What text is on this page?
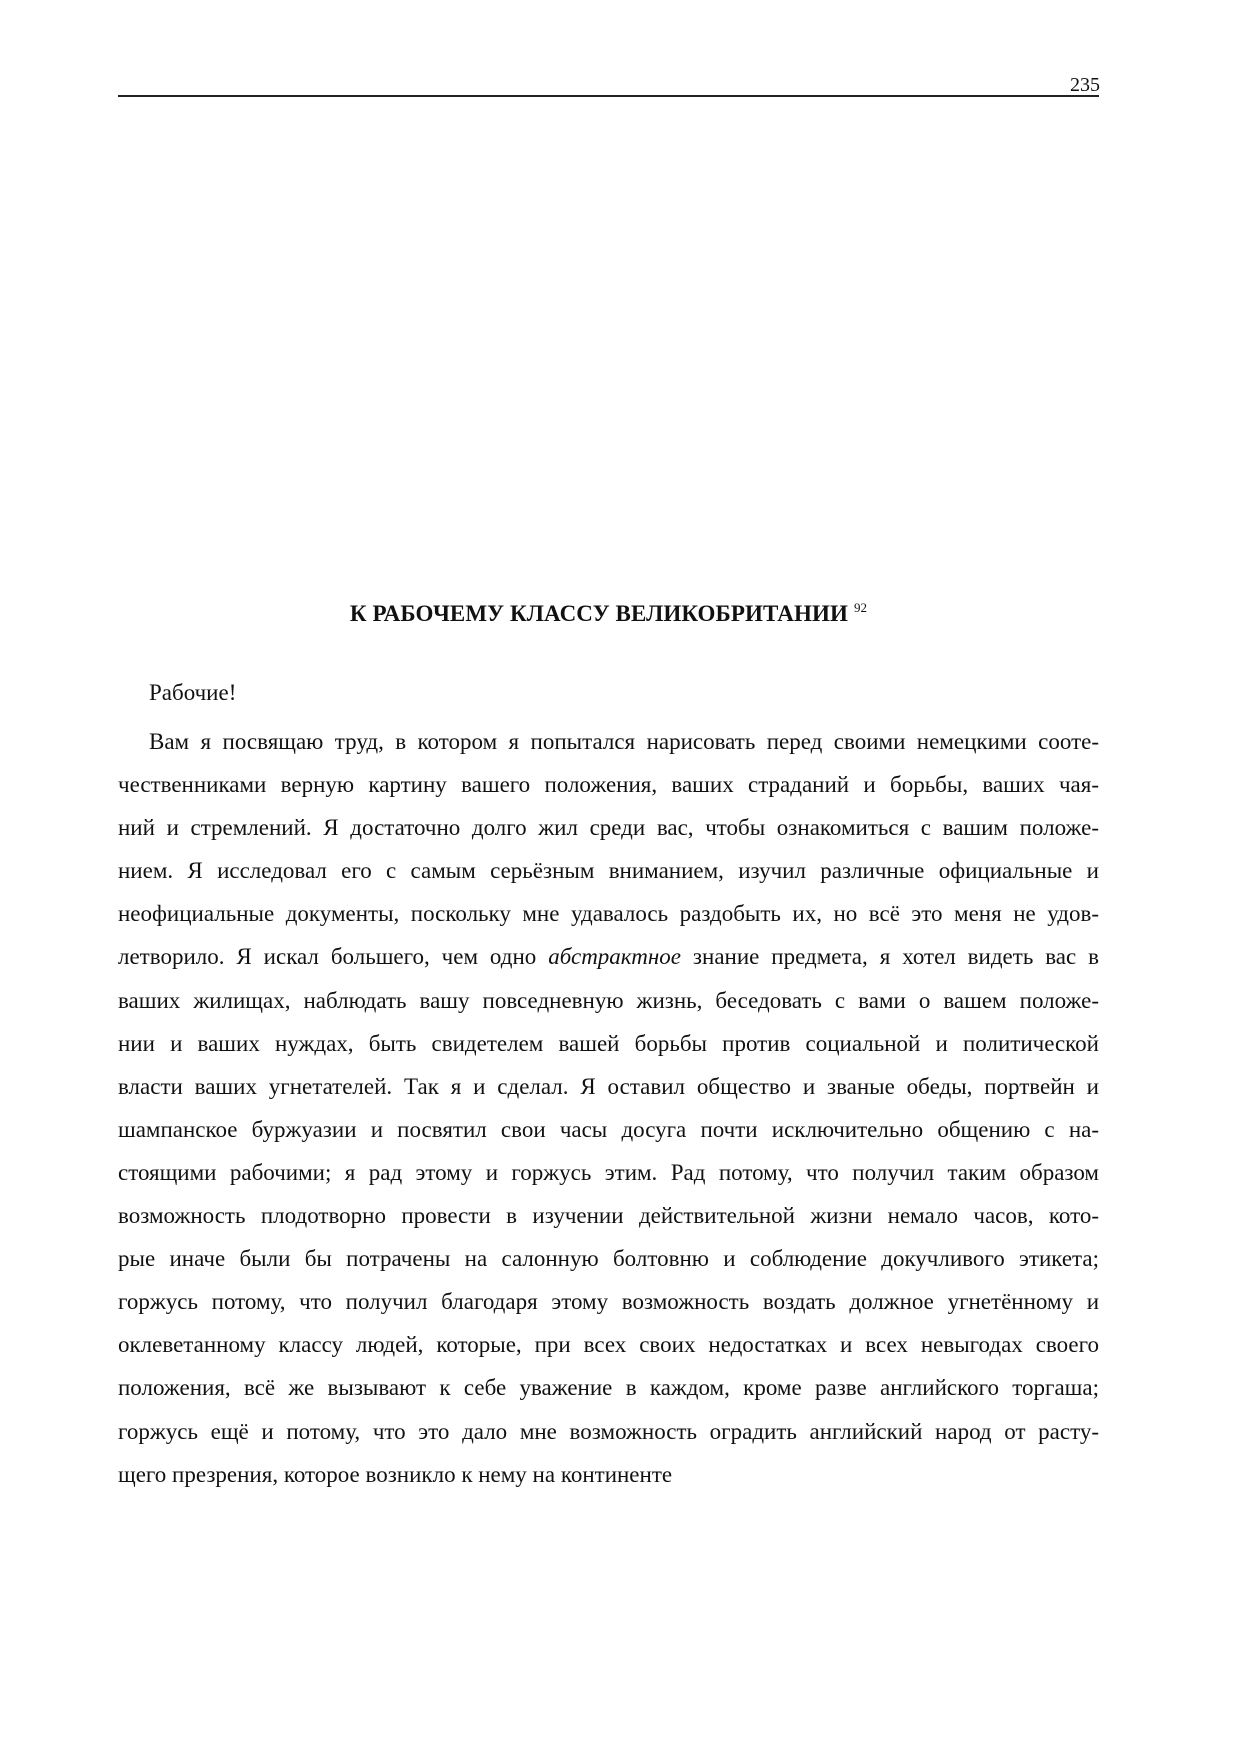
235
К РАБОЧЕМУ КЛАССУ ВЕЛИКОБРИТАНИИ $^{92}$
Рабочие!
Вам я посвящаю труд, в котором я попытался нарисовать перед своими немецкими сооте-
чественниками верную картину вашего положения, ваших страданий и борьбы, ваших чая-
ний и стремлений. Я достаточно долго жил среди вас, чтобы ознакомиться с вашим положе-
нием. Я исследовал его с самым серьёзным вниманием, изучил различные официальные и
неофициальные документы, поскольку мне удавалось раздобыть их, но всё это меня не удов-
летворило. Я искал большего, чем одно абстрактное знание предмета, я хотел видеть вас в
ваших жилищах, наблюдать вашу повседневную жизнь, беседовать с вами о вашем положе-
нии и ваших нуждах, быть свидетелем вашей борьбы против социальной и политической
власти ваших угнетателей. Так я и сделал. Я оставил общество и званые обеды, портвейн и
шампанское буржуазии и посвятил свои часы досуга почти исключительно общению с на-
стоящими рабочими; я рад этому и горжусь этим. Рад потому, что получил таким образом
возможность плодотворно провести в изучении действительной жизни немало часов, кото-
рые иначе были бы потрачены на салонную болтовню и соблюдение докучливого этикета;
горжусь потому, что получил благодаря этому возможность воздать должное угнетённому и
оклеветанному классу людей, которые, при всех своих недостатках и всех невыгодах своего
положения, всё же вызывают к себе уважение в каждом, кроме разве английского торгаша;
горжусь ещё и потому, что это дало мне возможность оградить английский народ от расту-
щего презрения, которое возникло к нему на континенте
